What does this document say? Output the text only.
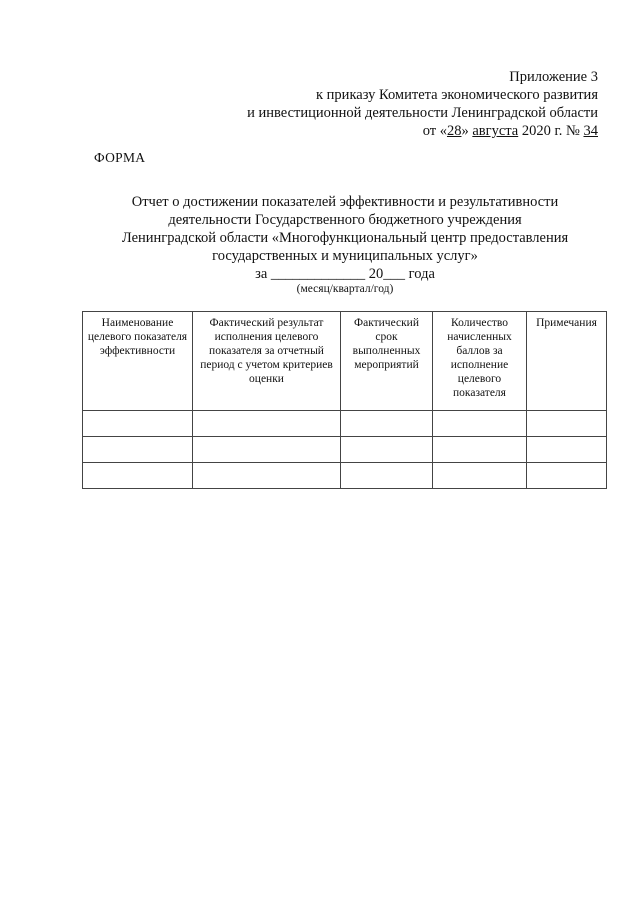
Приложение 3
к приказу Комитета экономического развития
и инвестиционной деятельности Ленинградской области
от «28» августа 2020 г. № 34
ФОРМА
Отчет о достижении показателей эффективности и результативности
деятельности Государственного бюджетного учреждения
Ленинградской области «Многофункциональный центр предоставления
государственных и муниципальных услуг»
за _____________ 20___ года
(месяц/квартал/год)
Наименование целевого показателя эффективности	Фактический результат исполнения целевого показателя за отчетный период с учетом критериев оценки	Фактический срок выполненных мероприятий	Количество начисленных баллов за исполнение целевого показателя	Примечания
